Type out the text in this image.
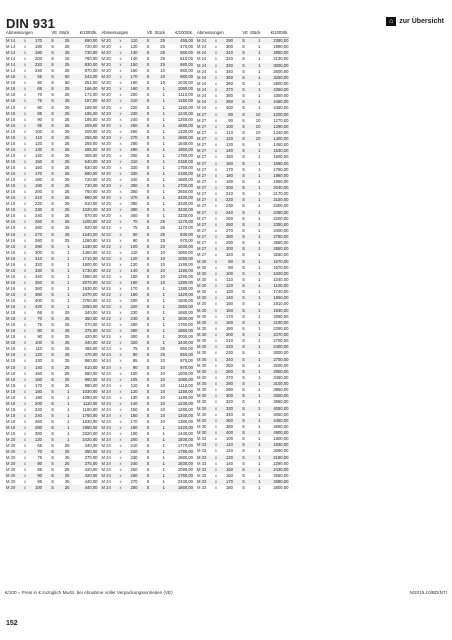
DIN 931	⌂ zur Übersicht
Abmessungen				VE	Stück	€/100Stk.
M 14	x	170		S	25	690,00
M 14	x	180		S	25	720,00
M 14	x	190		S	25	730,00
M 14	x	200		S	25	760,00
M 14	x	220		S	25	830,00
M 14	x	240		S	25	870,00
M 16	x	55		S	50	243,00
M 16	x	60		S	50	251,00
M 16	x	65		S	25	166,00
M 16	x	70		S	25	174,00
M 16	x	75		S	25	187,00
M 16	x	80		S	25	189,00
M 16	x	85		S	25	195,00
M 16	x	90		S	25	195,00
M 16	x	95		S	25	209,00
M 16	x	100		S	25	209,00
M 16	x	110		S	25	255,00
M 16	x	120		S	25	255,00
M 16	x	130		S	25	285,00
M 16	x	140		S	25	305,00
M 16	x	150		S	25	540,00
M 16	x	160		S	25	630,00
M 16	x	170		S	25	690,00
M 16	x	180		S	25	720,00
M 16	x	190		S	25	730,00
M 16	x	200		S	25	760,00
M 16	x	210		S	25	960,00
M 16	x	220		S	25	810,00
M 16	x	230		S	25	1020,00
M 16	x	240		S	25	870,00
M 16	x	250		S	25	1200,00
M 16	x	260		S	25	920,00
M 16	x	270		S	25	1240,00
M 16	x	280		S	25	1260,00
M 16	x	290		S	1	1430,00
M 16	x	300		S	1	1450,00
M 16	x	310		S	1	1710,00
M 16	x	320		S	1	1600,00
M 16	x	330		S	1	1730,00
M 16	x	340		S	1	1950,00
M 16	x	350		S	1	2070,00
M 16	x	360		S	1	1930,00
M 16	x	380		S	1	2470,00
M 16	x	400		S	1	2750,00
M 16	x	420		S	1	3450,00
M 18	x	65		S	25	340,00
M 18	x	70		S	25	350,00
M 18	x	75		S	25	370,00
M 18	x	80		S	25	375,00
M 18	x	90		S	25	420,00
M 18	x	100		S	25	440,00
M 18	x	110		S	25	455,00
M 18	x	120		S	25	470,00
M 18	x	130		S	25	560,00
M 18	x	140		S	25	610,00
M 18	x	150		S	25	680,00
M 18	x	160		S	25	960,00
M 18	x	170		S	25	980,00
M 18	x	180		S	1	1030,00
M 18	x	190		S	1	1090,00
M 18	x	200		S	1	1110,00
M 18	x	220		S	1	1160,00
M 18	x	240		S	1	1760,00
M 18	x	260		S	1	1830,00
M 18	x	280		S	1	1950,00
M 18	x	300		S	1	2320,00
M 20	x	120		S	1	2420,00
M 20	x	65		S	25	340,00
M 20	x	70		S	25	350,00
M 20	x	75		S	25	370,00
M 20	x	80		S	25	375,00
M 20	x	85		S	25	420,00
M 20	x	90		S	25	420,00
M 20	x	95		S	25	440,00
M 20	x	100		S	25	440,00
Abmessungen				VE	Stück	€/100Stk.
M 20	x	110		S	25	455,00
M 20	x	120		S	25	470,00
M 20	x	130		S	25	560,00
M 20	x	140		S	25	610,00
M 20	x	150		S	25	680,00
M 20	x	160		S	10	960,00
M 20	x	170		S	10	980,00
M 20	x	180		S	10	1030,00
M 20	x	190		S	1	1090,00
M 20	x	200		S	1	1110,00
M 20	x	210		S	1	1150,00
M 20	x	220		S	1	1160,00
M 20	x	230		S	1	1240,00
M 20	x	240		S	1	1260,00
M 20	x	250		S	1	1580,00
M 20	x	260		S	1	1330,00
M 20	x	270		S	1	1680,00
M 20	x	280		S	1	1640,00
M 20	x	290		S	1	1950,00
M 20	x	300		S	1	1780,00
M 20	x	310		S	1	2150,00
M 20	x	320		S	1	1750,00
M 20	x	330		S	1	2180,00
M 20	x	340		S	1	1880,00
M 20	x	350		S	1	2700,00
M 20	x	360		S	1	2650,00
M 20	x	370		S	1	3330,00
M 20	x	380		S	1	3330,00
M 20	x	390		S	1	3330,00
M 20	x	400		S	1	3330,00
M 22	x	70		S	25	1170,00
M 22	x	75		S	25	1170,00
M 22	x	80		S	25	830,00
M 22	x	90		S	25	970,00
M 22	x	100		S	10	1030,00
M 22	x	110		S	10	1060,00
M 22	x	120		S	10	1090,00
M 22	x	130		S	10	1190,00
M 22	x	140		S	10	1190,00
M 22	x	150		S	10	1290,00
M 22	x	160		S	10	1390,00
M 22	x	170		S	1	1380,00
M 22	x	180		S	1	1420,00
M 22	x	200		S	1	1500,00
M 22	x	220		S	1	1550,00
M 22	x	230		S	1	1680,00
M 22	x	240		S	1	1830,00
M 22	x	260		S	1	1760,00
M 22	x	280		S	1	1860,00
M 22	x	300		S	1	3000,00
M 22	x	320		S	1	3440,00
M 24	x	75		S	25	850,00
M 24	x	80		S	25	850,00
M 24	x	85		S	10	970,00
M 24	x	90		S	10	970,00
M 24	x	100		S	10	1000,00
M 24	x	105		S	10	1080,00
M 24	x	110		S	10	1110,00
M 24	x	120		S	10	1160,00
M 24	x	130		S	10	1190,00
M 24	x	140		S	10	1230,00
M 24	x	150		S	10	1280,00
M 24	x	160		S	10	1340,00
M 24	x	170		S	10	1380,00
M 24	x	180		S	1	1420,00
M 24	x	190		S	1	1440,00
M 24	x	200		S	1	1500,00
M 24	x	210		S	1	1770,00
M 24	x	220		S	1	1790,00
M 24	x	230		S	1	1880,00
M 24	x	240		S	1	1830,00
M 24	x	250		S	1	2090,00
M 24	x	260		S	1	1760,00
M 24	x	270		S	1	2340,00
M 24	x	280		S	1	1860,00
Abmessungen				VE	Stück	€/100Stk.
M 24	x	290		S	1	2380,00
M 24	x	300		S	1	1990,00
M 24	x	310		S	1	2850,00
M 24	x	320		S	1	2130,00
M 24	x	330		S	1	3000,00
M 24	x	340		S	1	2600,00
M 24	x	350		S	1	3250,00
M 24	x	360		S	1	2800,00
M 24	x	370		S	1	4350,00
M 24	x	380		S	1	4350,00
M 24	x	390		S	1	4450,00
M 24	x	400		S	1	4450,00
M 27	x	80		S	10	1200,00
M 27	x	90		S	10	1270,00
M 27	x	100		S	10	1290,00
M 27	x	110		S	10	1340,00
M 27	x	120		S	10	1400,00
M 27	x	130		S	1	1450,00
M 27	x	140		S	1	1530,00
M 27	x	150		S	1	1600,00
M 27	x	160		S	1	1690,00
M 27	x	170		S	1	1780,00
M 27	x	180		S	1	1860,00
M 27	x	190		S	1	1950,00
M 27	x	200		S	1	2040,00
M 27	x	210		S	1	2170,00
M 27	x	220		S	1	2150,00
M 27	x	230		S	1	2300,00
M 27	x	240		S	1	2380,00
M 27	x	250		S	1	2200,00
M 27	x	260		S	1	2350,00
M 27	x	270		S	1	3400,00
M 27	x	280		S	1	2750,00
M 27	x	290		S	1	3550,00
M 27	x	300		S	1	2950,00
M 27	x	320		S	1	3250,00
M 30	x	80		S	1	1670,00
M 30	x	90		S	1	1670,00
M 30	x	100		S	1	1020,00
M 30	x	110		S	1	1040,00
M 30	x	120		S	1	1100,00
M 30	x	130		S	1	1740,00
M 30	x	140		S	1	1850,00
M 30	x	150		S	1	1910,00
M 30	x	160		S	1	1930,00
M 30	x	170		S	1	2090,00
M 30	x	180		S	1	2190,00
M 30	x	190		S	1	2290,00
M 30	x	200		S	1	2370,00
M 30	x	210		S	1	2700,00
M 30	x	220		S	1	2400,00
M 30	x	230		S	1	3000,00
M 30	x	240		S	1	2700,00
M 30	x	250		S	1	3200,00
M 30	x	260		S	1	2900,00
M 30	x	270		S	1	3450,00
M 30	x	280		S	1	3100,00
M 30	x	290		S	1	3950,00
M 30	x	300		S	1	3300,00
M 30	x	320		S	1	3950,00
M 30	x	330		S	1	4050,00
M 30	x	340		S	1	4050,00
M 30	x	360		S	1	4450,00
M 30	x	380		S	1	4650,00
M 30	x	400		S	1	4900,00
M 33	x	100		S	1	1800,00
M 33	x	110		S	1	1930,00
M 33	x	120		S	1	2050,00
M 33	x	130		S	1	2160,00
M 33	x	140		S	1	2290,00
M 33	x	150		S	1	2430,00
M 33	x	160		S	1	2550,00
M 33	x	170		S	1	2680,00
M 33	x	180		S	1	2800,00
€/100 = Preis in € zuzüglich MwSt. bei Abnahme voller Verpackungseinheiten (VE)	N/2019.10/BD/NTI
152
